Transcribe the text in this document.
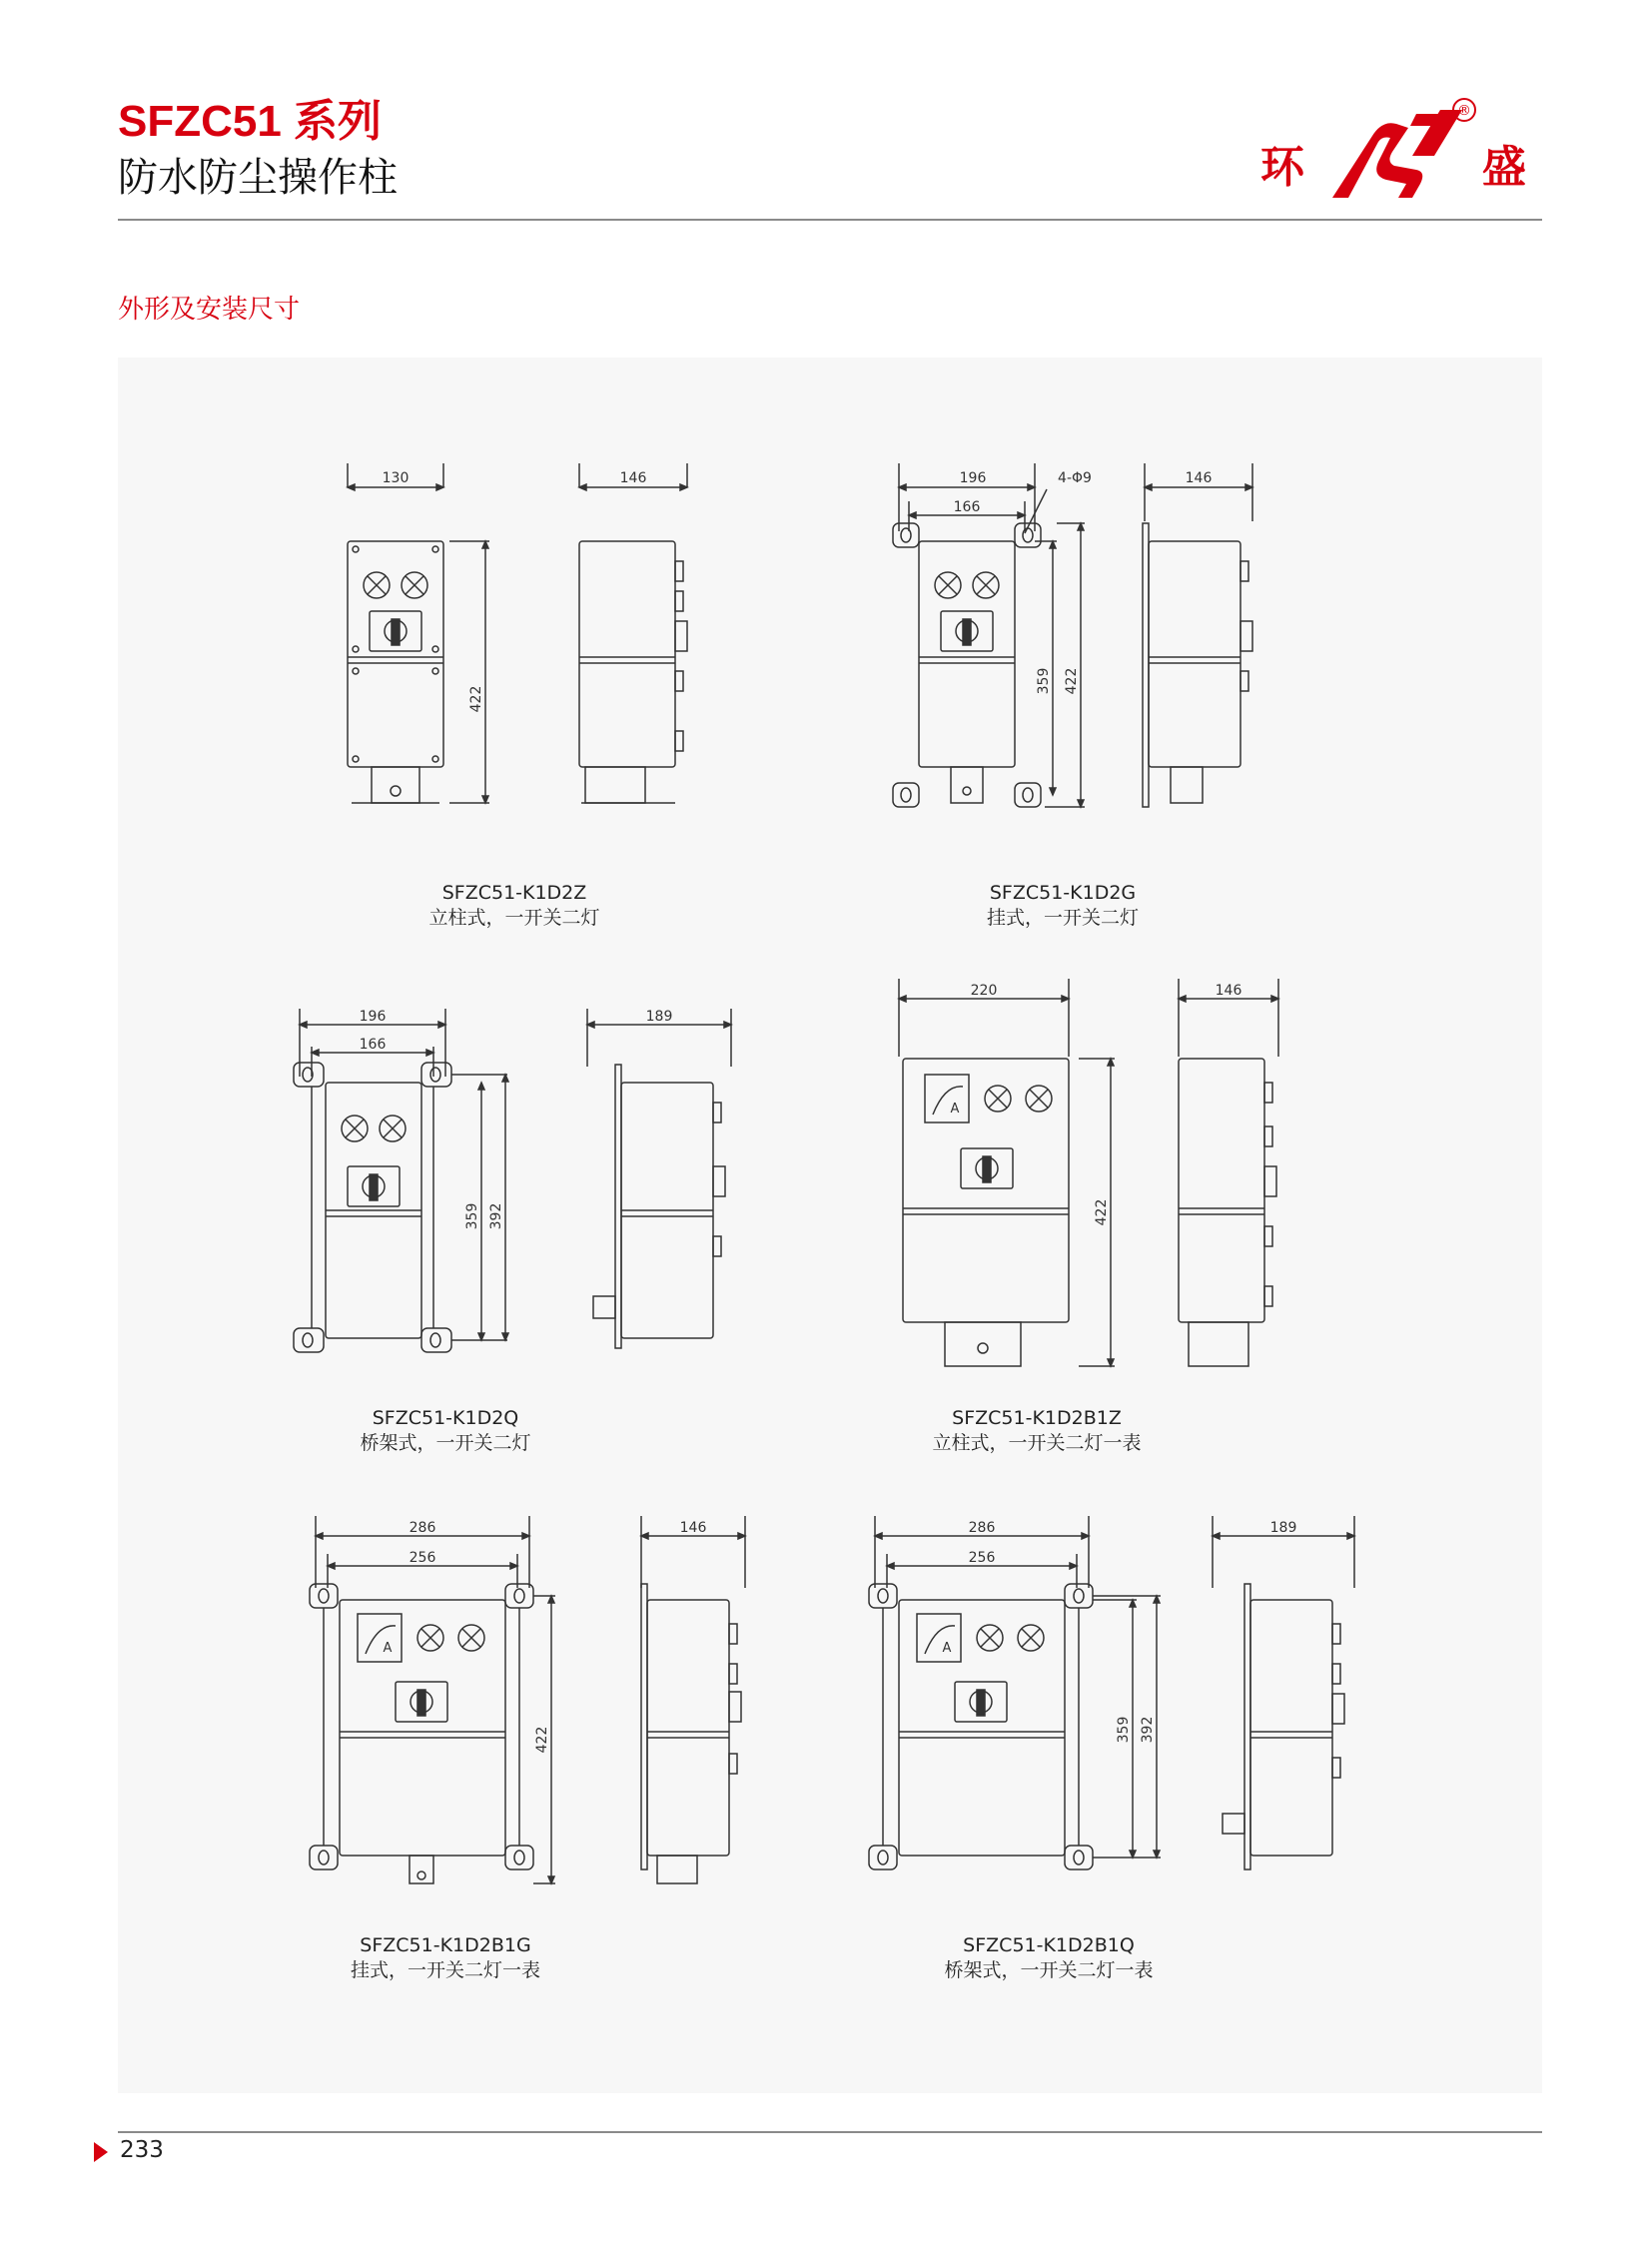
SFZC51 系列
防水防尘操作柱	环
®
盛
外形及安装尺寸
130
422
146
SFZC51-K1D2Z
立柱式，一开关二灯
196
166
4-Φ9
359 422
146
SFZC51-K1D2G
挂式，一开关二灯
196
166
359 392
189
SFZC51-K1D2Q
桥架式，一开关二灯
220
A
422
146
SFZC51-K1D2B1Z
立柱式，一开关二灯一表
286
256
A
422
146
SFZC51-K1D2B1G
挂式，一开关二灯一表
286
256
A
359 392
189
SFZC51-K1D2B1Q
桥架式，一开关二灯一表
233
